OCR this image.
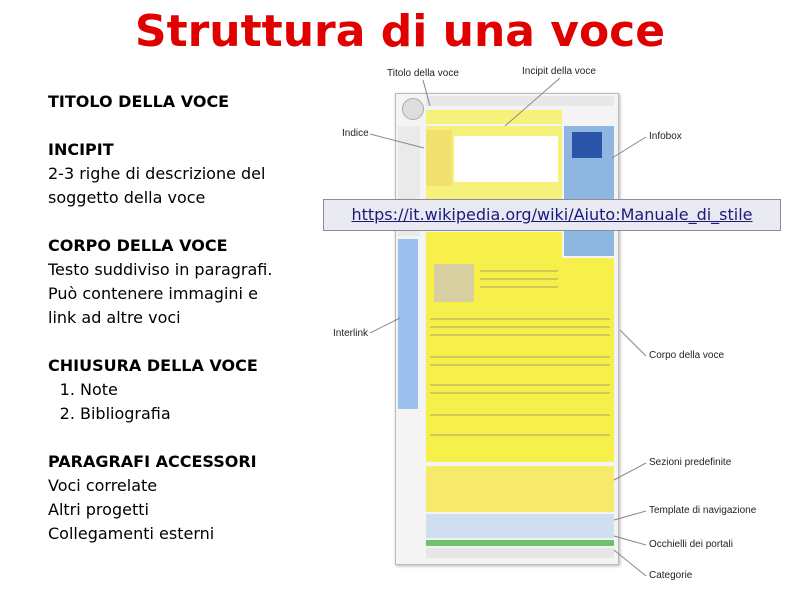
Struttura di una voce
TITOLO DELLA VOCE
INCIPIT
2-3 righe di descrizione del
soggetto della voce
CORPO DELLA VOCE
Testo suddiviso in paragrafi.
Può contenere immagini e
link ad altre voci
CHIUSURA DELLA VOCE
1. Note
2. Bibliografia
PARAGRAFI ACCESSORI
Voci correlate
Altri progetti
Collegamenti esterni
Titolo della voce	Incipit della voce
Indice	Infobox
Interlink
Corpo della voce
Sezioni predefinite
Template di navigazione
Occhielli dei portali
Categorie
https://it.wikipedia.org/wiki/Aiuto:Manuale_di_stile
